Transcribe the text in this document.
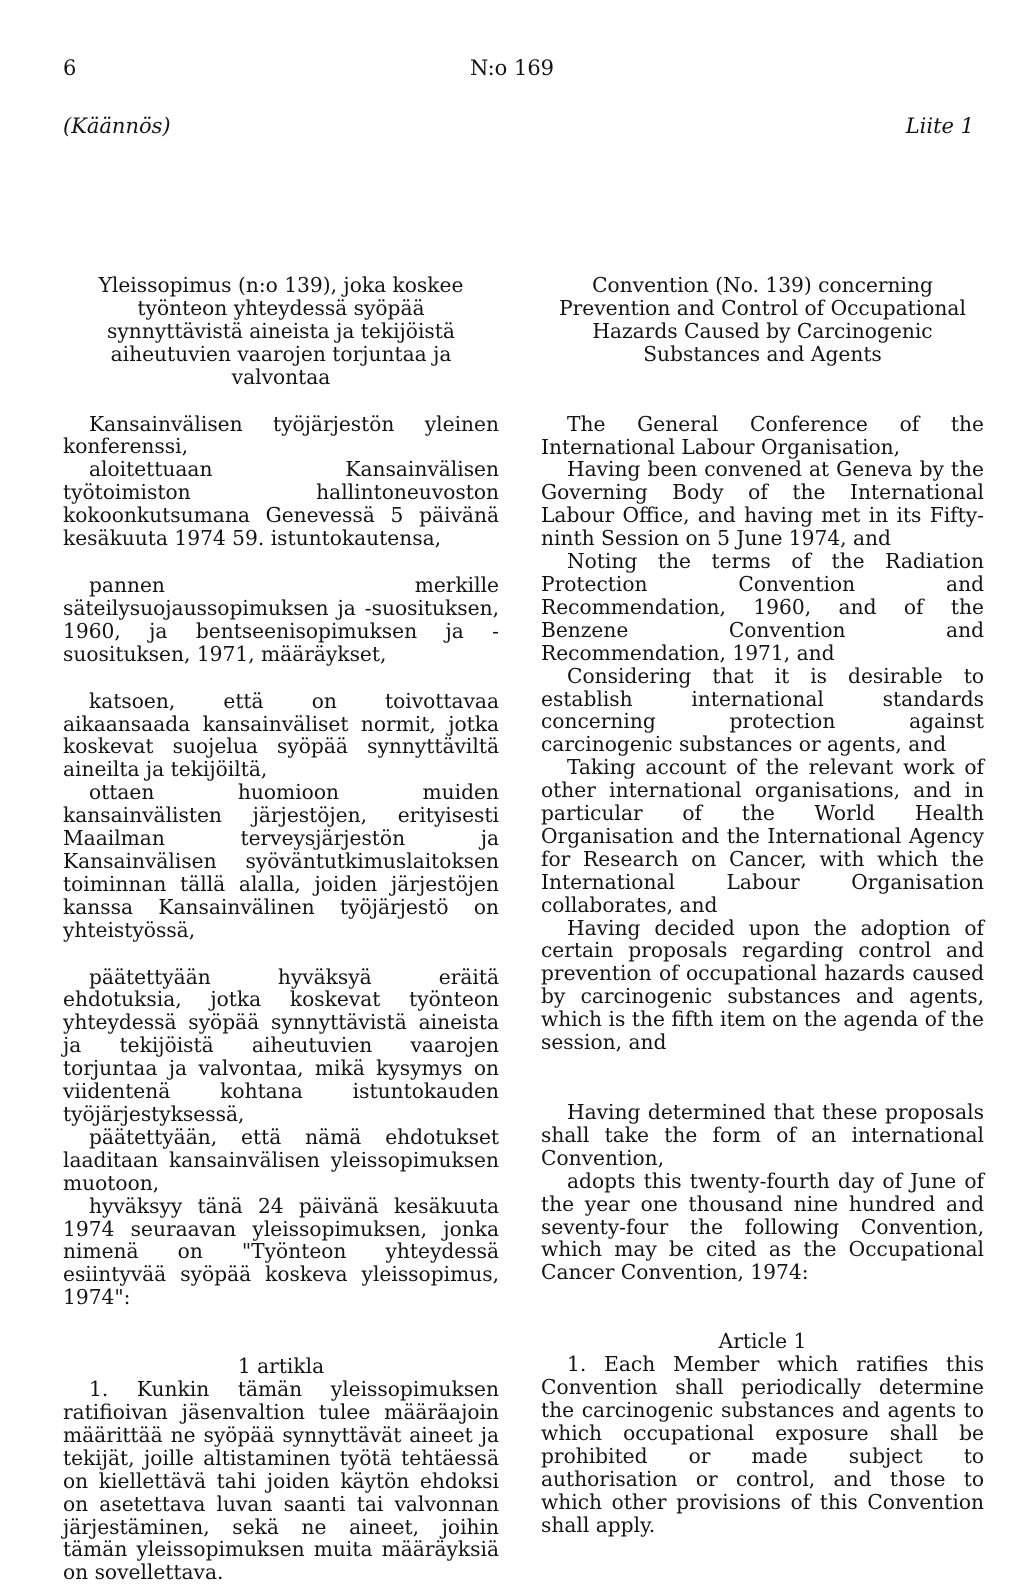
6	N:o 169
(Käännös)	Liite 1

Yleissopimus (n:o 139), joka koskee työnteon yhteydessä syöpää synnyttävistä aineista ja tekijöistä aiheutuvien vaarojen torjuntaa ja valvontaa

Kansainvälisen työjärjestön yleinen konferenssi,

aloitettuaan Kansainvälisen työtoimiston hallintoneuvoston kokoonkutsumana Genevessä 5 päivänä kesäkuuta 1974 59. istuntokautensa,

pannen merkille säteilysuojaussopimuksen ja -suosituksen, 1960, ja bentseenisopimuksen ja -suosituksen, 1971, määräykset,

katsoen, että on toivottavaa aikaansaada kansainväliset normit, jotka koskevat suojelua syöpää synnyttäviltä aineilta ja tekijöiltä,

ottaen huomioon muiden kansainvälisten järjestöjen, erityisesti Maailman terveysjärjestön ja Kansainvälisen syöväntutkimuslaitoksen toiminnan tällä alalla, joiden järjestöjen kanssa Kansainvälinen työjärjestö on yhteistyössä,

päätettyään hyväksyä eräitä ehdotuksia, jotka koskevat työnteon yhteydessä syöpää synnyttävistä aineista ja tekijöistä aiheutuvien vaarojen torjuntaa ja valvontaa, mikä kysymys on viidentenä kohtana istuntokauden työjärjestyksessä,

päätettyään, että nämä ehdotukset laaditaan kansainvälisen yleissopimuksen muotoon,

hyväksyy tänä 24 päivänä kesäkuuta 1974 seuraavan yleissopimuksen, jonka nimenä on "Työnteon yhteydessä esiintyvää syöpää koskeva yleissopimus, 1974":

1 artikla

1. Kunkin tämän yleissopimuksen ratifioivan jäsenvaltion tulee määräajoin määrittää ne syöpää synnyttävät aineet ja tekijät, joille altistaminen työtä tehtäessä on kiellettävä tahi joiden käytön ehdoksi on asetettava luvan saanti tai valvonnan järjestäminen, sekä ne aineet, joihin tämän yleissopimuksen muita määräyksiä on sovellettava.

Convention (No. 139) concerning Prevention and Control of Occupational Hazards Caused by Carcinogenic Substances and Agents

The General Conference of the International Labour Organisation,

Having been convened at Geneva by the Governing Body of the International Labour Office, and having met in its Fifty-ninth Session on 5 June 1974, and

Noting the terms of the Radiation Protection Convention and Recommendation, 1960, and of the Benzene Convention and Recommendation, 1971, and

Considering that it is desirable to establish international standards concerning protection against carcinogenic substances or agents, and

Taking account of the relevant work of other international organisations, and in particular of the World Health Organisation and the International Agency for Research on Cancer, with which the International Labour Organisation collaborates, and

Having decided upon the adoption of certain proposals regarding control and prevention of occupational hazards caused by carcinogenic substances and agents, which is the fifth item on the agenda of the session, and

Having determined that these proposals shall take the form of an international Convention,

adopts this twenty-fourth day of June of the year one thousand nine hundred and seventy-four the following Convention, which may be cited as the Occupational Cancer Convention, 1974:

Article 1

1. Each Member which ratifies this Convention shall periodically determine the carcinogenic substances and agents to which occupational exposure shall be prohibited or made subject to authorisation or control, and those to which other provisions of this Convention shall apply.
